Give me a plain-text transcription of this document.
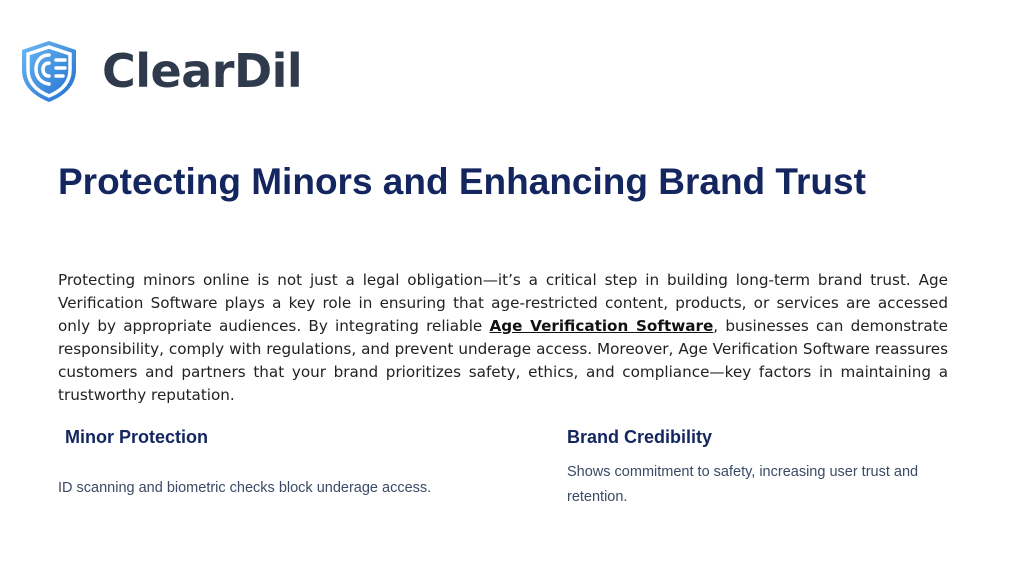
ClearDil
Protecting Minors and Enhancing Brand Trust

Protecting minors online is not just a legal obligation—it’s a critical step in building long-term brand trust. Age Verification Software plays a key role in ensuring that age-restricted content, products, or services are accessed only by appropriate audiences. By integrating reliable Age Verification Software, businesses can demonstrate responsibility, comply with regulations, and prevent underage access. Moreover, Age Verification Software reassures customers and partners that your brand prioritizes safety, ethics, and compliance—key factors in maintaining a trustworthy reputation.

Minor Protection

ID scanning and biometric checks block underage access.

Brand Credibility

Shows commitment to safety, increasing user trust and retention.
